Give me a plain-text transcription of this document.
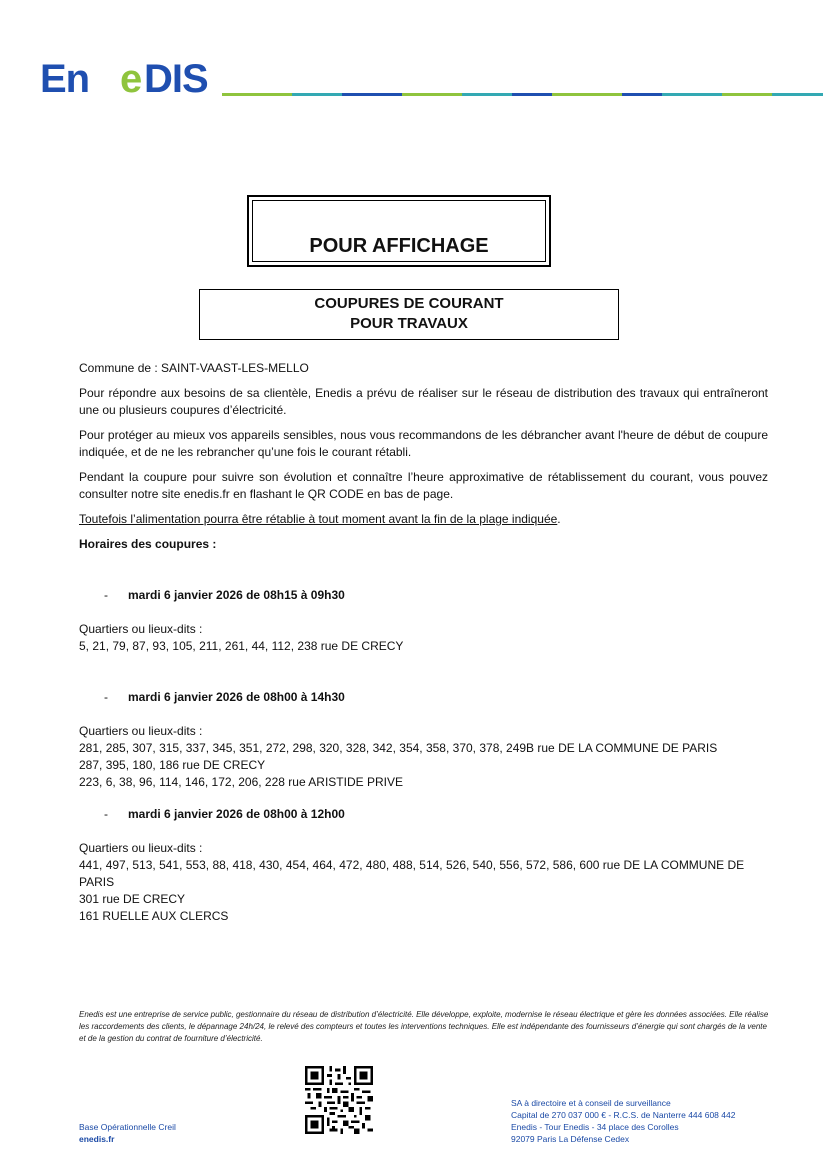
En e DIS
POUR AFFICHAGE
COUPURES DE COURANT
POUR TRAVAUX
Commune de : SAINT-VAAST-LES-MELLO

Pour répondre aux besoins de sa clientèle, Enedis a prévu de réaliser sur le réseau de distribution des travaux qui entraîneront une ou plusieurs coupures d’électricité.

Pour protéger au mieux vos appareils sensibles, nous vous recommandons de les débrancher avant l'heure de début de coupure indiquée, et de ne les rebrancher qu’une fois le courant rétabli.

Pendant la coupure pour suivre son évolution et connaître l’heure approximative de rétablissement du courant, vous pouvez consulter notre site enedis.fr en flashant le QR CODE en bas de page.

Toutefois l’alimentation pourra être rétablie à tout moment avant la fin de la plage indiquée.

Horaires des coupures :
- mardi 6 janvier 2026 de 08h15 à 09h30
Quartiers ou lieux-dits :
5, 21, 79, 87, 93, 105, 211, 261, 44, 112, 238 rue DE CRECY
- mardi 6 janvier 2026 de 08h00 à 14h30
Quartiers ou lieux-dits :
281, 285, 307, 315, 337, 345, 351, 272, 298, 320, 328, 342, 354, 358, 370, 378, 249B rue DE LA COMMUNE DE PARIS
287, 395, 180, 186 rue DE CRECY
223, 6, 38, 96, 114, 146, 172, 206, 228 rue ARISTIDE PRIVE
- mardi 6 janvier 2026 de 08h00 à 12h00
Quartiers ou lieux-dits :
441, 497, 513, 541, 553, 88, 418, 430, 454, 464, 472, 480, 488, 514, 526, 540, 556, 572, 586, 600 rue DE LA COMMUNE DE
PARIS
301 rue DE CRECY
161 RUELLE AUX CLERCS
Enedis est une entreprise de service public, gestionnaire du réseau de distribution d’électricité. Elle développe, exploite, modernise le réseau électrique et gère les données associées. Elle réalise les raccordements des clients, le dépannage 24h/24, le relevé des compteurs et toutes les interventions techniques. Elle est indépendante des fournisseurs d’énergie qui sont chargés de la vente et de la gestion du contrat de fourniture d’électricité.
Base Opérationnelle Creil
enedis.fr
SA à directoire et à conseil de surveillance
Capital de 270 037 000 € - R.C.S. de Nanterre 444 608 442
Enedis - Tour Enedis - 34 place des Corolles
92079 Paris La Défense Cedex
